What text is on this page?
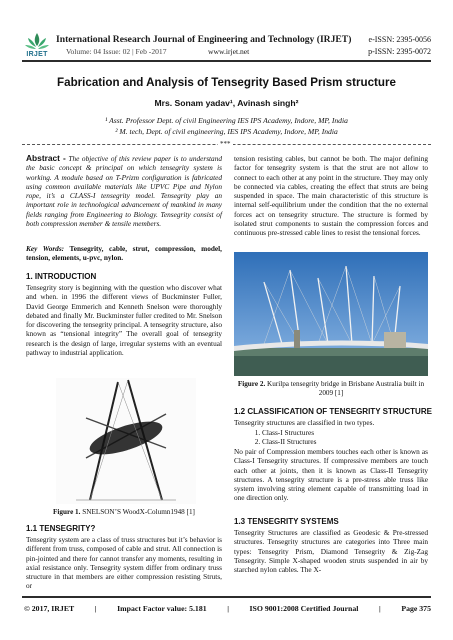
IRJET
International Research Journal of Engineering and Technology (IRJET) e-ISSN: 2395-0056
Volume: 04 Issue: 02 | Feb -2017	www.irjet.net	p-ISSN: 2395-0072
Fabrication and Analysis of Tensegrity Based Prism structure
Mrs. Sonam yadav¹, Avinash singh²
¹ Asst. Professor Dept. of civil Engineering IES IPS Academy, Indore, MP, India
² M. tech, Dept. of civil engineering, IES IPS Academy, Indore, MP, India
***
Abstract - The objective of this review paper is to understand the basic concept & principal on which tensegrity system is working. A module based on T-Prizm configuration is fabricated using common available materials like UPVC Pipe and Nylon rope, it’s a CLASS-I tensegrity model. Tensegrity play an important role in technological advancement of mankind in many fields ranging from Engineering to Biology. Tensegrity consist of both compression member & tensile members.
Key Words: Tensegrity, cable, strut, compression, model, tension, elements, u-pvc, nylon.
1. INTRODUCTION
Tensegrity story is beginning with the question who discover what and when. in 1996 the different views of Buckminster Fuller, David George Emmerich and Kenneth Snelson were thoroughly debated and finally Mr. Buckminster fuller credited to Mr. Snelson for discovering the tensegrity principal. A tensegrity structure, also known as “tensional integrity” The overall goal of tensegrity research is the design of large, irregular systems with an eventual pathway to industrial application.
Figure 1. SNELSON’S WoodX-Column1948 [1]
1.1 TENSEGRITY?
Tensegrity system are a class of truss structures but it’s behavior is different from truss, composed of cable and strut. All connection is pin-jointed and there for cannot transfer any moments, resulting in axial resistance only. Tensegrity system differ from ordinary truss structure in that members are either compression resisting Struts, or
tension resisting cables, but cannot be both. The major defining factor for tensegrity system is that the strut are not allow to connect to each other at any point in the structure. They may only be connected via cables, creating the effect that struts are being suspended in space. The main characteristic of this structure is internal self-equilibrium under the condition that the no external forces act on tensegrity structure. The structure is formed by isolated strut components to sustain the compression forces and continuous pre-stressed cable lines to resist the tensional forces.
Figure 2. Kurilpa tensegrity bridge in Brisbane Australia built in 2009 [1]
1.2 CLASSIFICATION OF TENSEGRITY STRUCTURE
Tensegrity structures are classified in two types.
1. Class-I Structures
2. Class-II Structures
No pair of Compression members touches each other is known as Class-I Tensegrity structures. If compressive members are touch each other at joints, then it is known as Class-II Tensegrity structures. A tensegrity structure is a pre-stress able truss like system involving string element capable of transmitting load in one direction only.
1.3 TENSEGRITY SYSTEMS
Tensegrity Structures are classified as Geodesic & Pre-stressed structures. Tensegrity structures are categories into Three main types: Tensegrity Prism, Diamond Tensegrity & Zig-Zag Tensegrity. Simple X-shaped wooden struts suspended in air by starched nylon cables. The X-
© 2017, IRJET	|	Impact Factor value: 5.181	|	ISO 9001:2008 Certified Journal	|	Page 375
